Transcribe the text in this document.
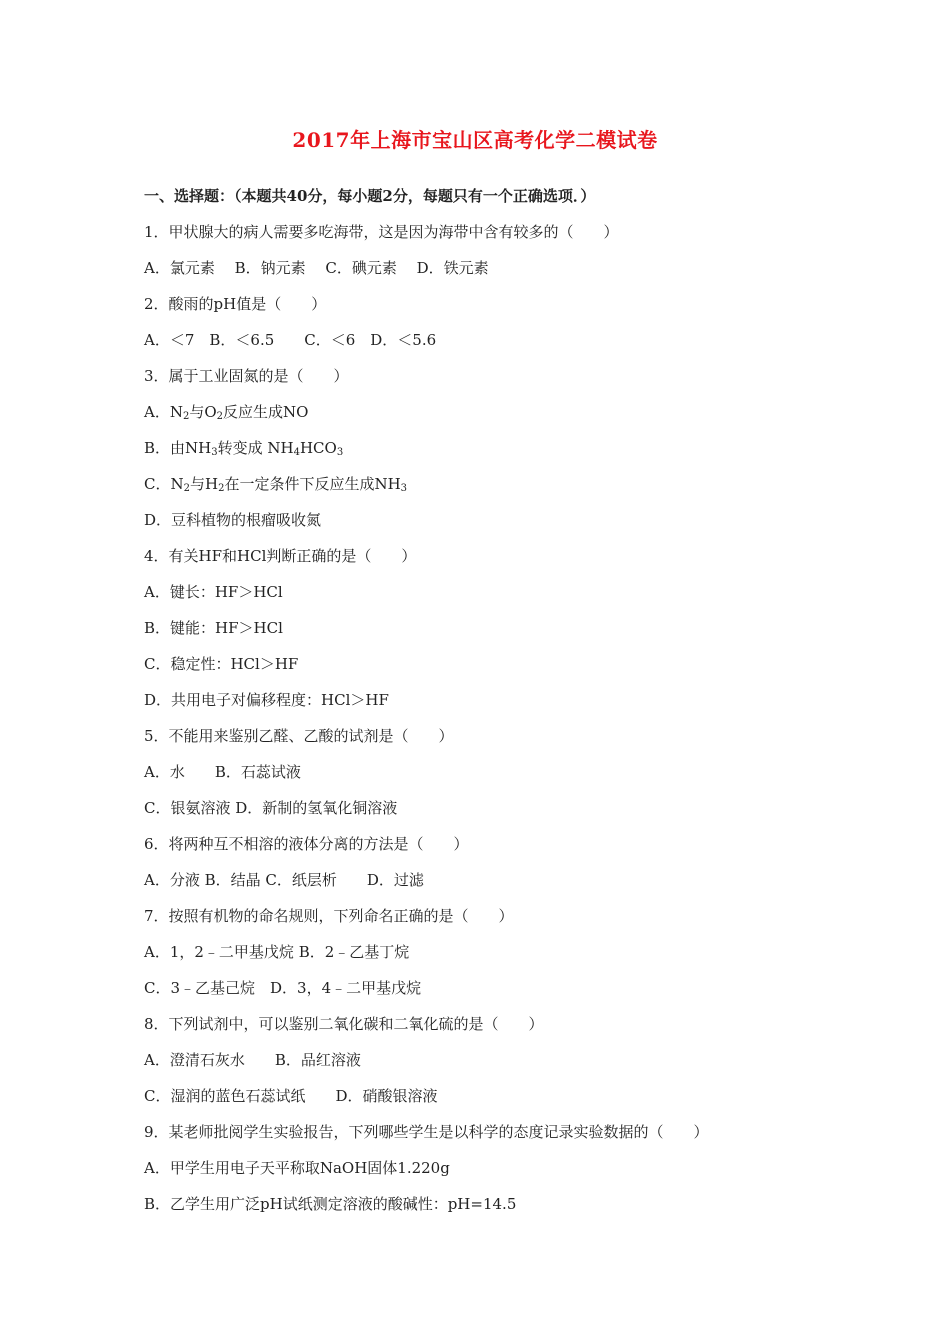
2017年上海市宝山区高考化学二模试卷
一、选择题：（本题共40分，每小题2分，每题只有一个正确选项．）
1．甲状腺大的病人需要多吃海带，这是因为海带中含有较多的（　　）
A．氯元素　 B．钠元素　 C．碘元素　 D．铁元素
2．酸雨的pH值是（　　）
A．＜7　B．＜6.5　　C．＜6　D．＜5.6
3．属于工业固氮的是（　　）
A．$N_2$与$O_2$反应生成NO
B．由$NH_3$转变成 $NH_4HCO_3$
C．$N_2$与$H_2$在一定条件下反应生成$NH_3$
D．豆科植物的根瘤吸收氮
4．有关HF和HCl判断正确的是（　　）
A．键长：HF＞HCl
B．键能：HF＞HCl
C．稳定性：HCl＞HF
D．共用电子对偏移程度：HCl＞HF
5．不能用来鉴别乙醛、乙酸的试剂是（　　）
A．水　　B．石蕊试液
C．银氨溶液 D．新制的氢氧化铜溶液
6．将两种互不相溶的液体分离的方法是（　　）
A．分液 B．结晶 C．纸层析　　D．过滤
7．按照有机物的命名规则，下列命名正确的是（　　）
A．1，2﹣二甲基戊烷 B．2﹣乙基丁烷
C．3﹣乙基己烷　D．3，4﹣二甲基戊烷
8．下列试剂中，可以鉴别二氧化碳和二氧化硫的是（　　）
A．澄清石灰水　　B．品红溶液
C．湿润的蓝色石蕊试纸　　D．硝酸银溶液
9．某老师批阅学生实验报告，下列哪些学生是以科学的态度记录实验数据的（　　）
A．甲学生用电子天平称取NaOH固体1.220g
B．乙学生用广泛pH试纸测定溶液的酸碱性：pH=14.5
